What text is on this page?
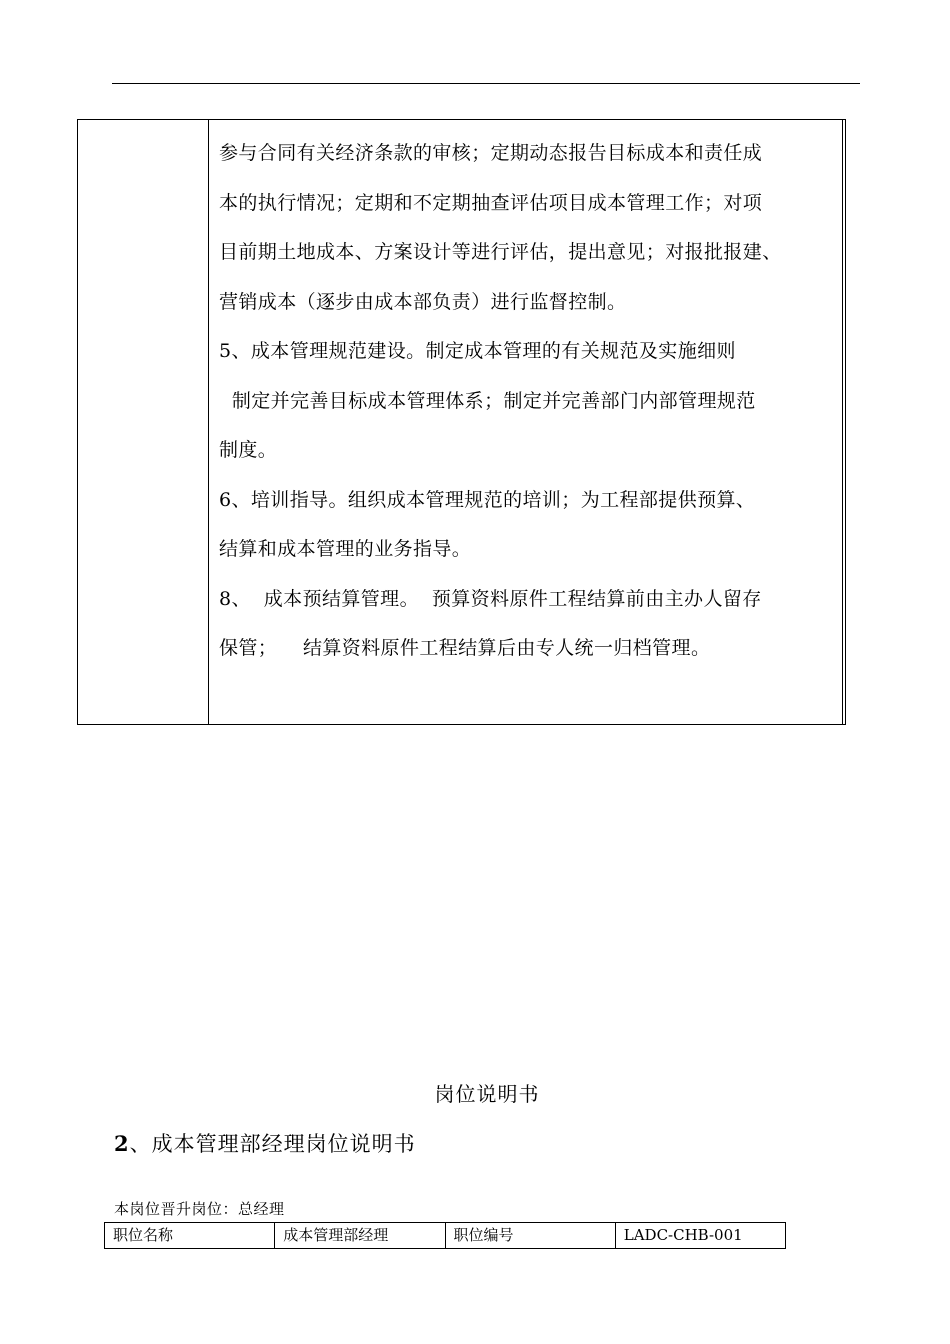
参与合同有关经济条款的审核；定期动态报告目标成本和责任成

本的执行情况；定期和不定期抽查评估项目成本管理工作；对项

目前期土地成本、方案设计等进行评估，提出意见；对报批报建、

营销成本（逐步由成本部负责）进行监督控制。

5、成本管理规范建设。制定成本管理的有关规范及实施细则

制定并完善目标成本管理体系；制定并完善部门内部管理规范

制度。

6、培训指导。组织成本管理规范的培训；为工程部提供预算、

结算和成本管理的业务指导。

8、  成本预结算管理。  预算资料原件工程结算前由主办人留存

保管；    结算资料原件工程结算后由专人统一归档管理。

岗位说明书
2、成本管理部经理岗位说明书
本岗位晋升岗位：总经理
职位名称	成本管理部经理	职位编号	LADC-CHB-001
